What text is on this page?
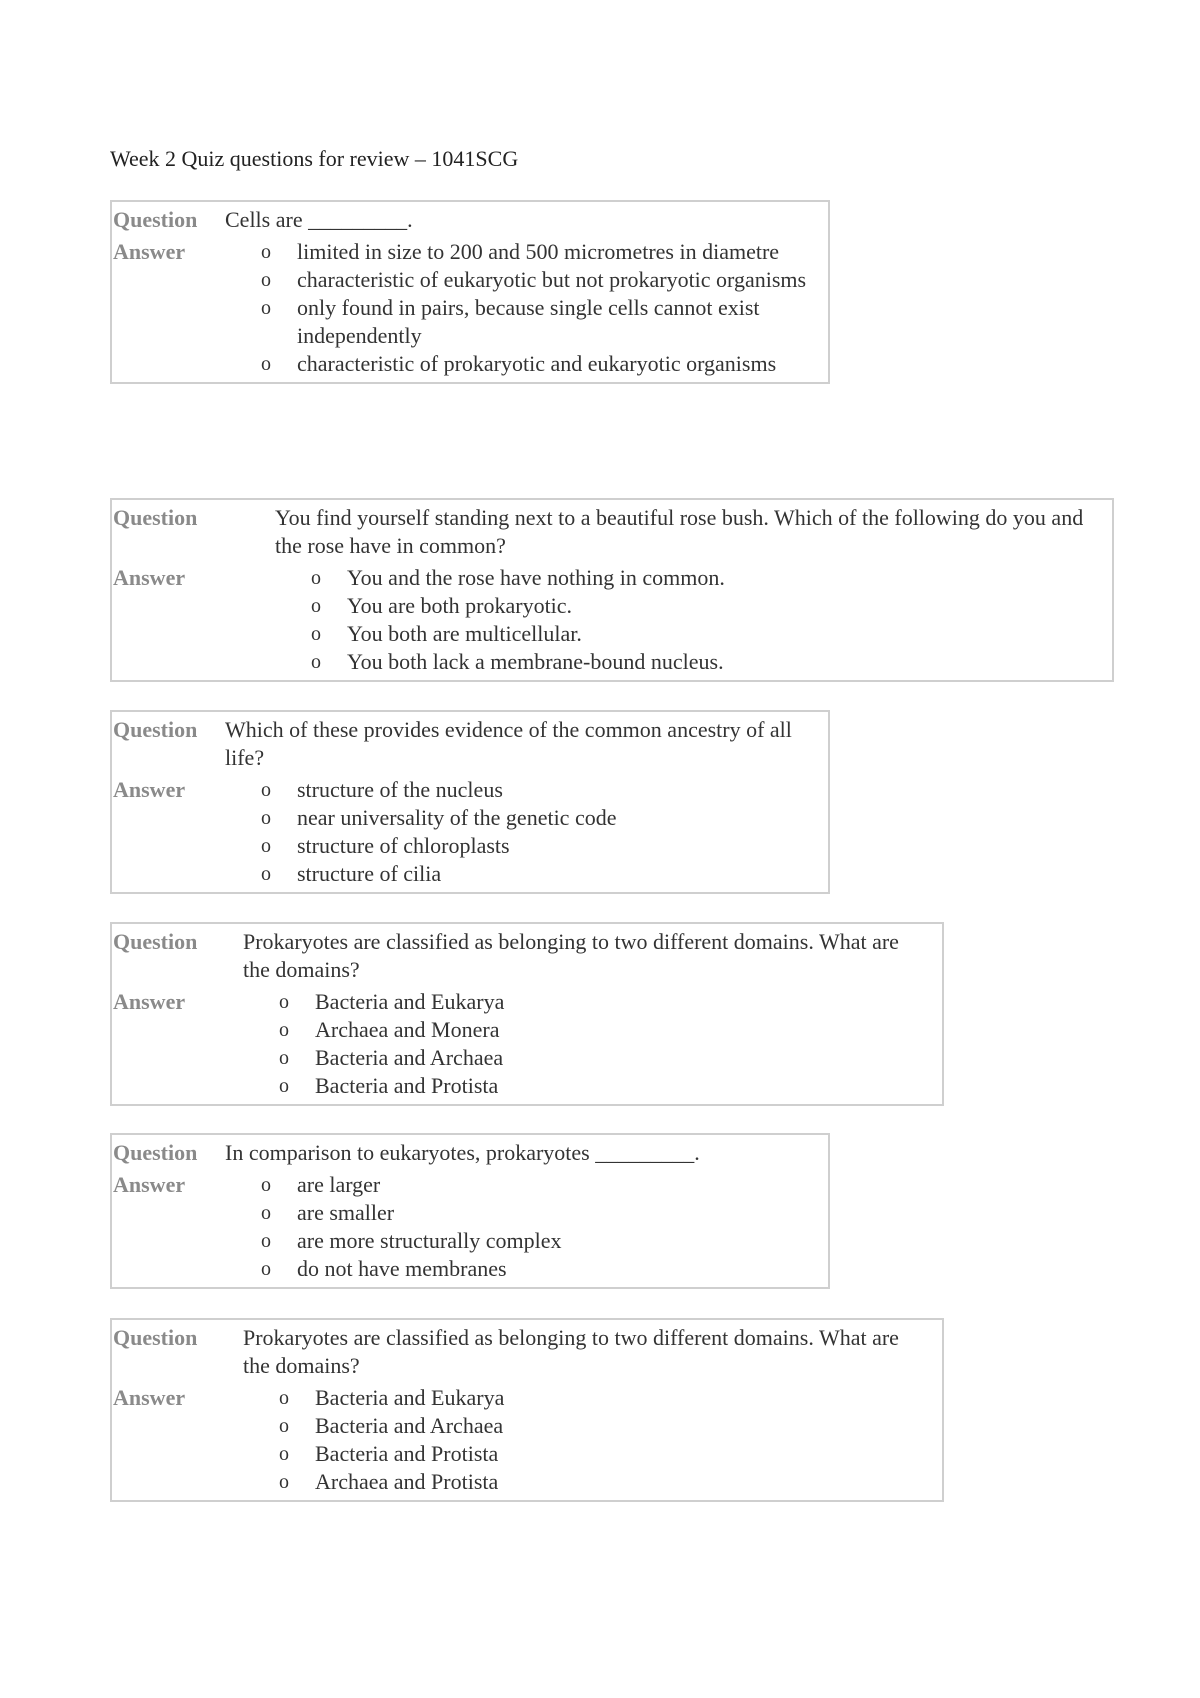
Week 2 Quiz questions for review – 1041SCG
Question	Cells are _________.
Answer	o	limited in size to 200 and 500 micrometres in diametre
o	characteristic of eukaryotic but not prokaryotic organisms
o	only found in pairs, because single cells cannot exist independently
o	characteristic of prokaryotic and eukaryotic organisms
Question	You find yourself standing next to a beautiful rose bush. Which of the following do you and the rose have in common?
Answer	o	You and the rose have nothing in common.
o	You are both prokaryotic.
o	You both are multicellular.
o	You both lack a membrane-bound nucleus.
Question	Which of these provides evidence of the common ancestry of all life?
Answer	o	structure of the nucleus
o	near universality of the genetic code
o	structure of chloroplasts
o	structure of cilia
Question	Prokaryotes are classified as belonging to two different domains. What are the domains?
Answer	o	Bacteria and Eukarya
o	Archaea and Monera
o	Bacteria and Archaea
o	Bacteria and Protista
Question	In comparison to eukaryotes, prokaryotes _________.
Answer	o	are larger
o	are smaller
o	are more structurally complex
o	do not have membranes
Question	Prokaryotes are classified as belonging to two different domains. What are the domains?
Answer	o	Bacteria and Eukarya
o	Bacteria and Archaea
o	Bacteria and Protista
o	Archaea and Protista
